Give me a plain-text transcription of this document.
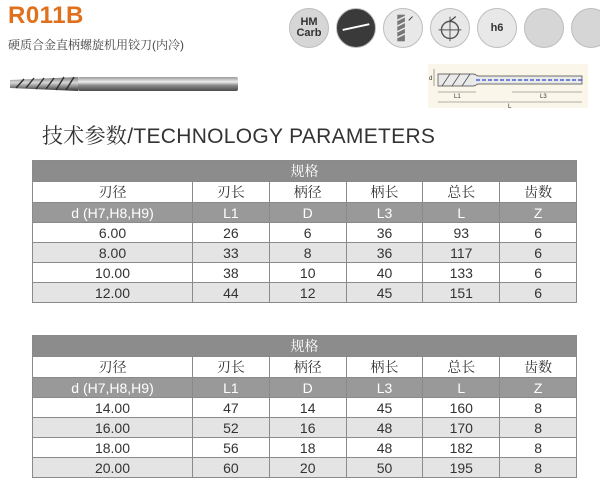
R011B
硬质合金直柄螺旋机用铰刀(内冷)
HM
Carb	h6
d
L1	L3
L
技术参数/TECHNOLOGY PARAMETERS
规格					
刃径	刃长	柄径	柄长	总长	齿数
d (H7,H8,H9)	L1	D	L3	L	Z
6.00	26	6	36	93	6
8.00	33	8	36	117	6
10.00	38	10	40	133	6
12.00	44	12	45	151	6
规格					
刃径	刃长	柄径	柄长	总长	齿数
d (H7,H8,H9)	L1	D	L3	L	Z
14.00	47	14	45	160	8
16.00	52	16	48	170	8
18.00	56	18	48	182	8
20.00	60	20	50	195	8
